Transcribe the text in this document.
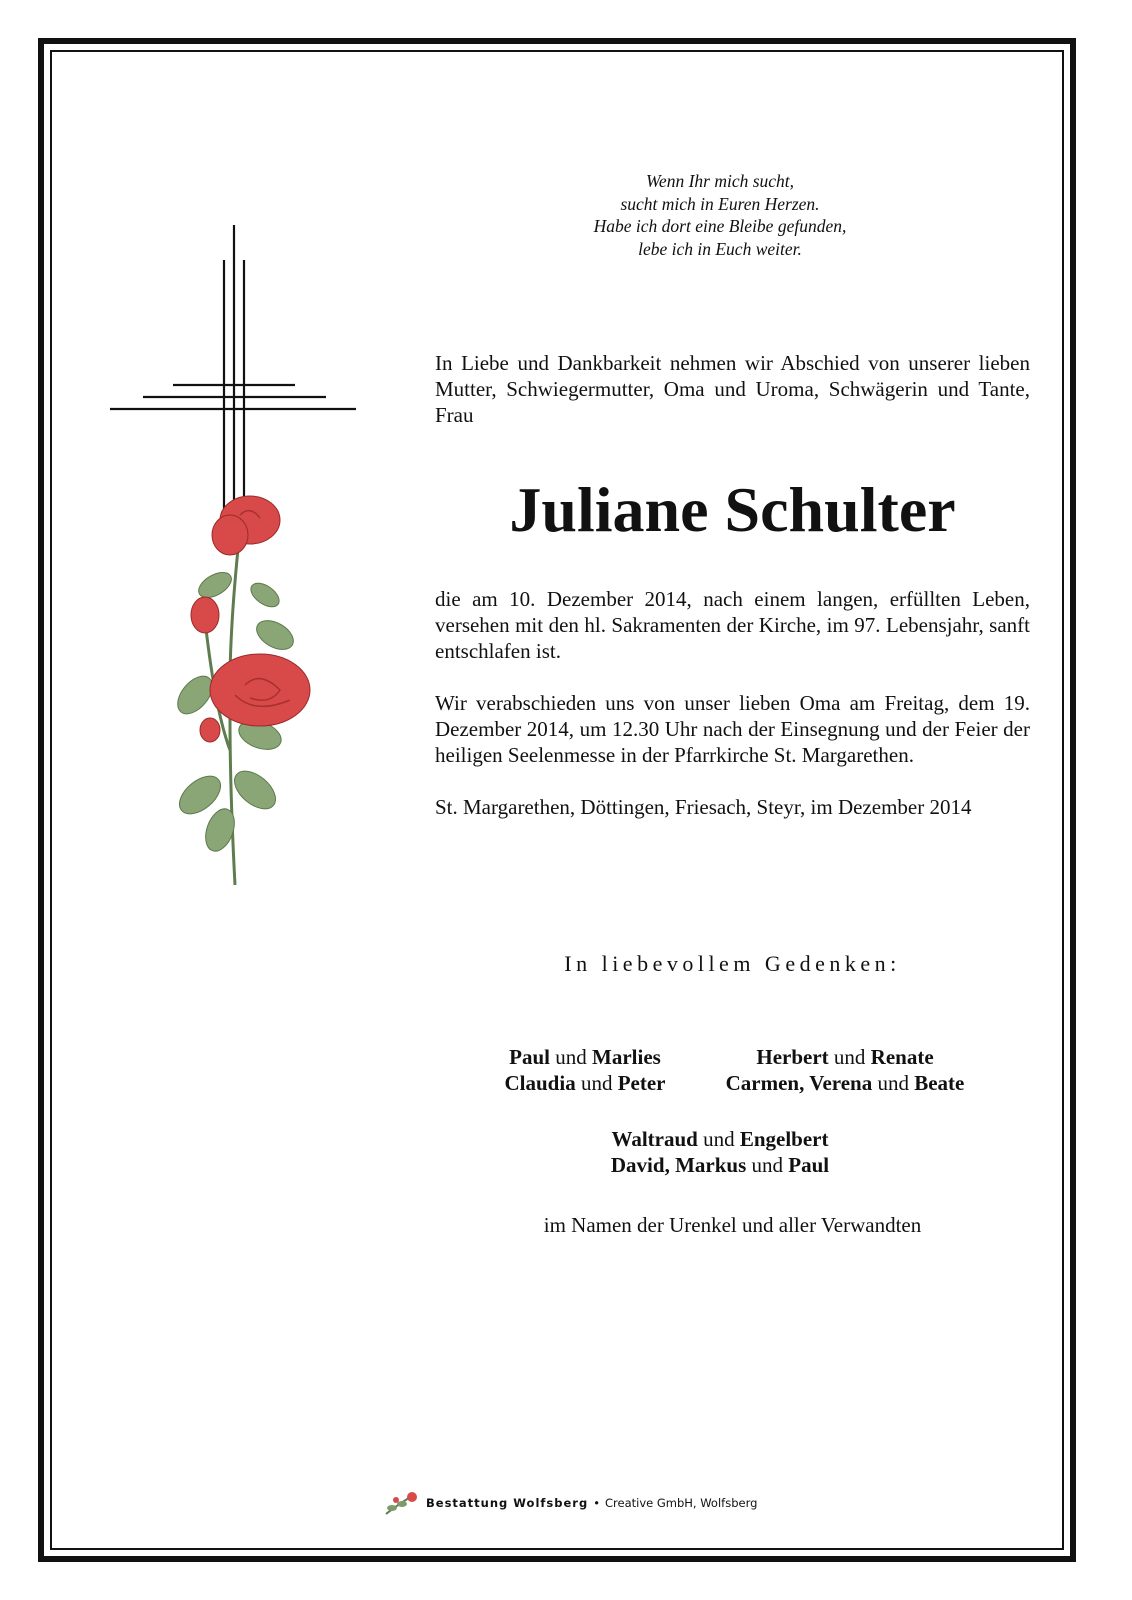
Wenn Ihr mich sucht,
sucht mich in Euren Herzen.
Habe ich dort eine Bleibe gefunden,
lebe ich in Euch weiter.
In Liebe und Dankbarkeit nehmen wir Abschied von unserer lieben Mutter, Schwiegermutter, Oma und Uroma, Schwägerin und Tante, Frau
Juliane Schulter
die am 10. Dezember 2014, nach einem langen, erfüllten Leben, versehen mit den hl. Sakramenten der Kirche, im 97. Lebensjahr, sanft entschlafen ist.
Wir verabschieden uns von unser lieben Oma am Freitag, dem 19. Dezember 2014, um 12.30 Uhr nach der Einsegnung und der Feier der heiligen Seelenmesse in der Pfarrkirche St. Margarethen.
St. Margarethen, Döttingen, Friesach, Steyr, im Dezember 2014
In liebevollem Gedenken:
Paul und Marlies
Claudia und Peter
Herbert und Renate
Carmen, Verena und Beate
Waltraud und Engelbert
David, Markus und Paul
im Namen der Urenkel und aller Verwandten
Bestattung Wolfsberg • Creative GmbH, Wolfsberg
